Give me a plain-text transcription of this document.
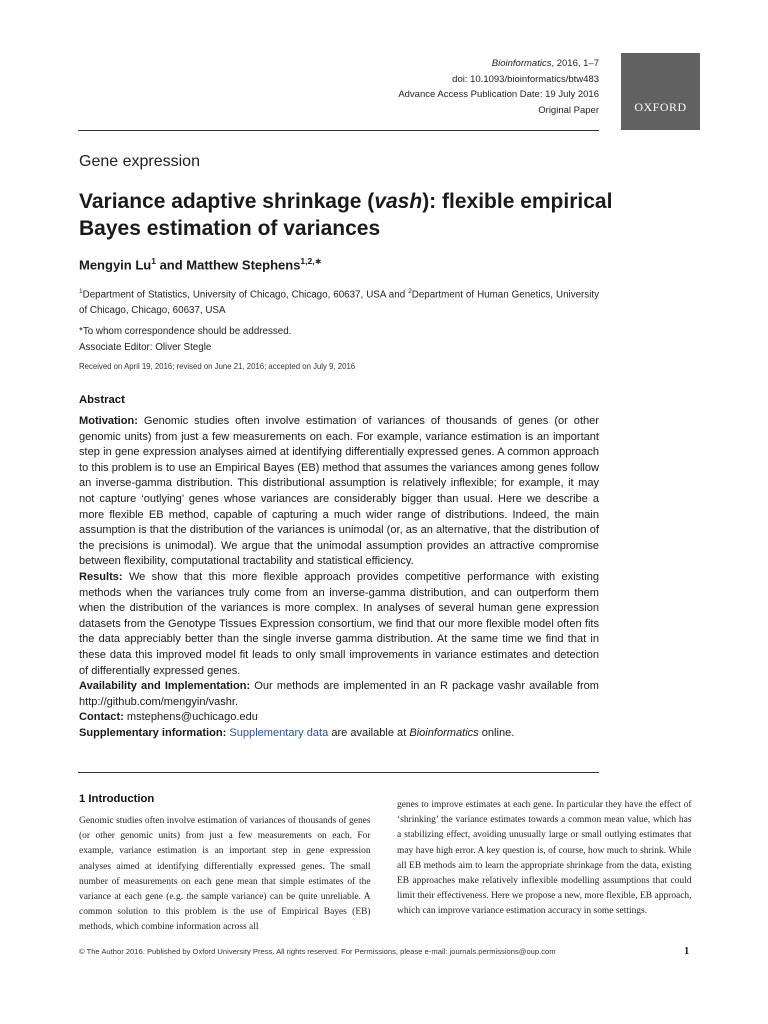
Bioinformatics, 2016, 1–7
doi: 10.1093/bioinformatics/btw483
Advance Access Publication Date: 19 July 2016
Original Paper	OXFORD
Gene expression
Variance adaptive shrinkage (vash): flexible empirical Bayes estimation of variances
Mengyin Lu$^1$ and Matthew Stephens$^{1,2,∗}$
$^1$Department of Statistics, University of Chicago, Chicago, 60637, USA and $^2$Department of Human Genetics, University of Chicago, Chicago, 60637, USA
*To whom correspondence should be addressed.
Associate Editor: Oliver Stegle
Received on April 19, 2016; revised on June 21, 2016; accepted on July 9, 2016
Abstract

Motivation: Genomic studies often involve estimation of variances of thousands of genes (or other genomic units) from just a few measurements on each. For example, variance estimation is an important step in gene expression analyses aimed at identifying differentially expressed genes. A common approach to this problem is to use an Empirical Bayes (EB) method that assumes the variances among genes follow an inverse-gamma distribution. This distributional assumption is relatively inflexible; for example, it may not capture ‘outlying’ genes whose variances are considerably bigger than usual. Here we describe a more flexible EB method, capable of capturing a much wider range of distributions. Indeed, the main assumption is that the distribution of the variances is unimodal (or, as an alternative, that the distribution of the precisions is unimodal). We argue that the unimodal assumption provides an attractive compromise between flexibility, computational tractability and statistical efficiency.

Results: We show that this more flexible approach provides competitive performance with existing methods when the variances truly come from an inverse-gamma distribution, and can outperform them when the distribution of the variances is more complex. In analyses of several human gene expression datasets from the Genotype Tissues Expression consortium, we find that our more flexible model often fits the data appreciably better than the single inverse gamma distribution. At the same time we find that in these data this improved model fit leads to only small improvements in variance estimates and detection of differentially expressed genes.

Availability and Implementation: Our methods are implemented in an R package vashr available from http://github.com/mengyin/vashr.

Contact: mstephens@uchicago.edu

Supplementary information: Supplementary data are available at Bioinformatics online.

1 Introduction
Genomic studies often involve estimation of variances of thousands of genes (or other genomic units) from just a few measurements on each. For example, variance estimation is an important step in gene expression analyses aimed at identifying differentially expressed genes. The small number of measurements on each gene mean that simple estimates of the variance at each gene (e.g. the sample variance) can be quite unreliable. A common solution to this problem is the use of Empirical Bayes (EB) methods, which combine information across all
genes to improve estimates at each gene. In particular they have the effect of ‘shrinking’ the variance estimates towards a common mean value, which has a stabilizing effect, avoiding unusually large or small outlying estimates that may have high error. A key question is, of course, how much to shrink. While all EB methods aim to learn the appropriate shrinkage from the data, existing EB approaches make relatively inflexible modelling assumptions that could limit their effectiveness. Here we propose a new, more flexible, EB approach, which can improve variance estimation accuracy in some settings.
© The Author 2016. Published by Oxford University Press. All rights reserved. For Permissions, please e-mail: journals.permissions@oup.com	1
